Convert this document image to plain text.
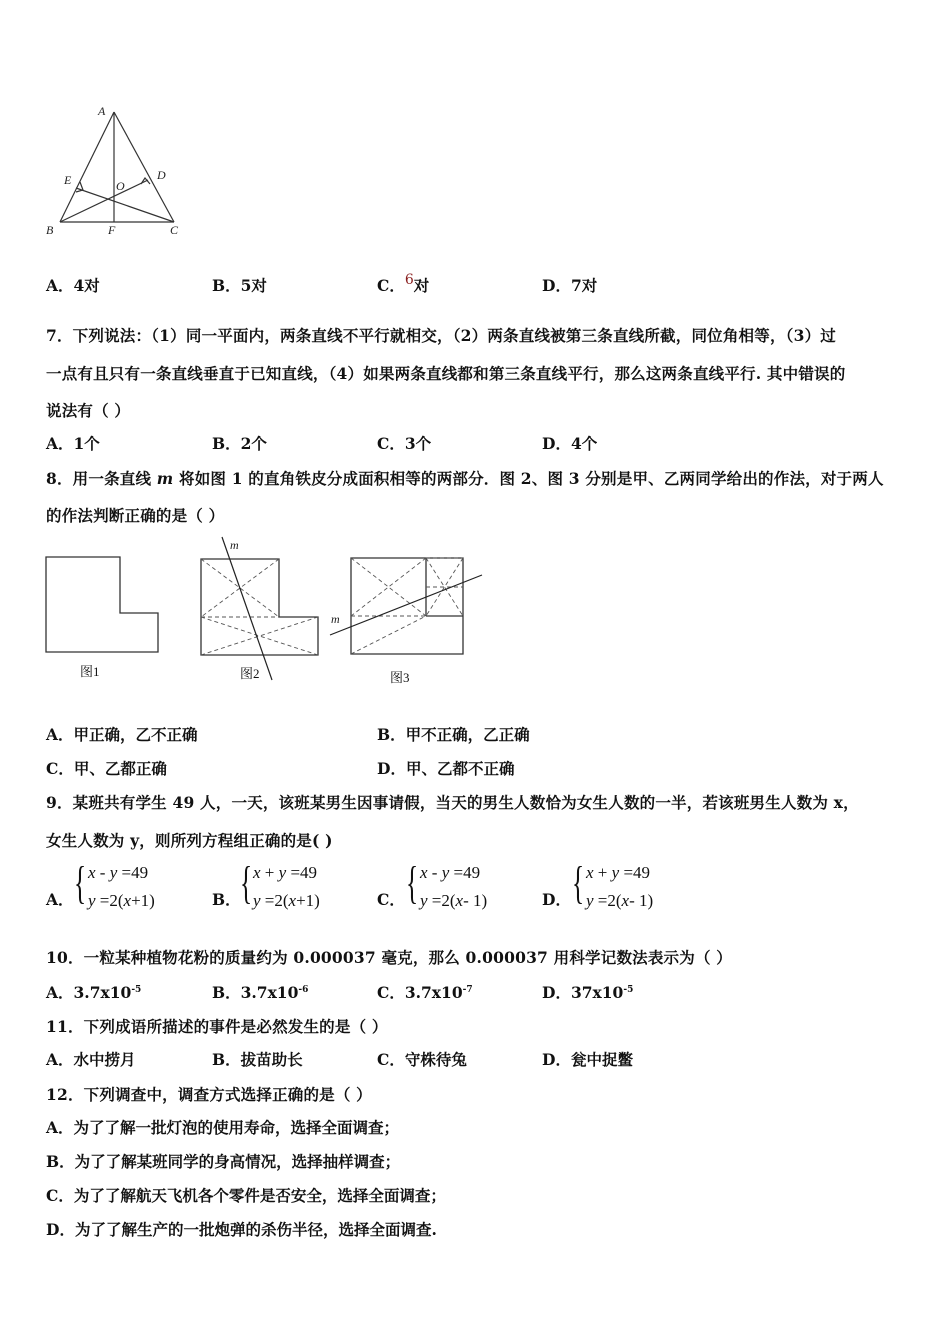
A
B	C
D
E
F
O
A．4对	B．5对	C．6对	D．7对
7．下列说法：（1）同一平面内，两条直线不平行就相交，（2）两条直线被第三条直线所截，同位角相等，（3）过
一点有且只有一条直线垂直于已知直线，（4）如果两条直线都和第三条直线平行，那么这两条直线平行. 其中错误的
说法有（ ）
A．1个	B．2个	C．3个	D．4个
8．用一条直线 m 将如图 1 的直角铁皮分成面积相等的两部分．图 2、图 3 分别是甲、乙两同学给出的作法，对于两人
的作法判断正确的是（ ）
图1
m
图2
m
图3
A．甲正确，乙不正确	B．甲不正确，乙正确
C．甲、乙都正确	D．甲、乙都不正确
9．某班共有学生 49 人，一天，该班某男生因事请假，当天的男生人数恰为女生人数的一半，若该班男生人数为 x，
女生人数为 y，则所列方程组正确的是( )
A． { x - y =49
y =2(x+1)	B． { x + y =49
y =2(x+1)	C． { x - y =49
y =2(x- 1)	D． { x + y =49
y =2(x- 1)
10．一粒某种植物花粉的质量约为 0.000037 毫克，那么 0.000037 用科学记数法表示为（ ）
A．$3.7x10^{-5}$	B．$3.7x10^{-6}$	C．$3.7x10^{-7}$	D．$37x10^{-5}$
11．下列成语所描述的事件是必然发生的是（ ）
A．水中捞月	B．拔苗助长	C．守株待兔	D．瓮中捉鳖
12．下列调查中，调查方式选择正确的是（ ）
A．为了了解一批灯泡的使用寿命，选择全面调查；
B．为了了解某班同学的身高情况，选择抽样调查；
C．为了了解航天飞机各个零件是否安全，选择全面调查；
D．为了了解生产的一批炮弹的杀伤半径，选择全面调查.
